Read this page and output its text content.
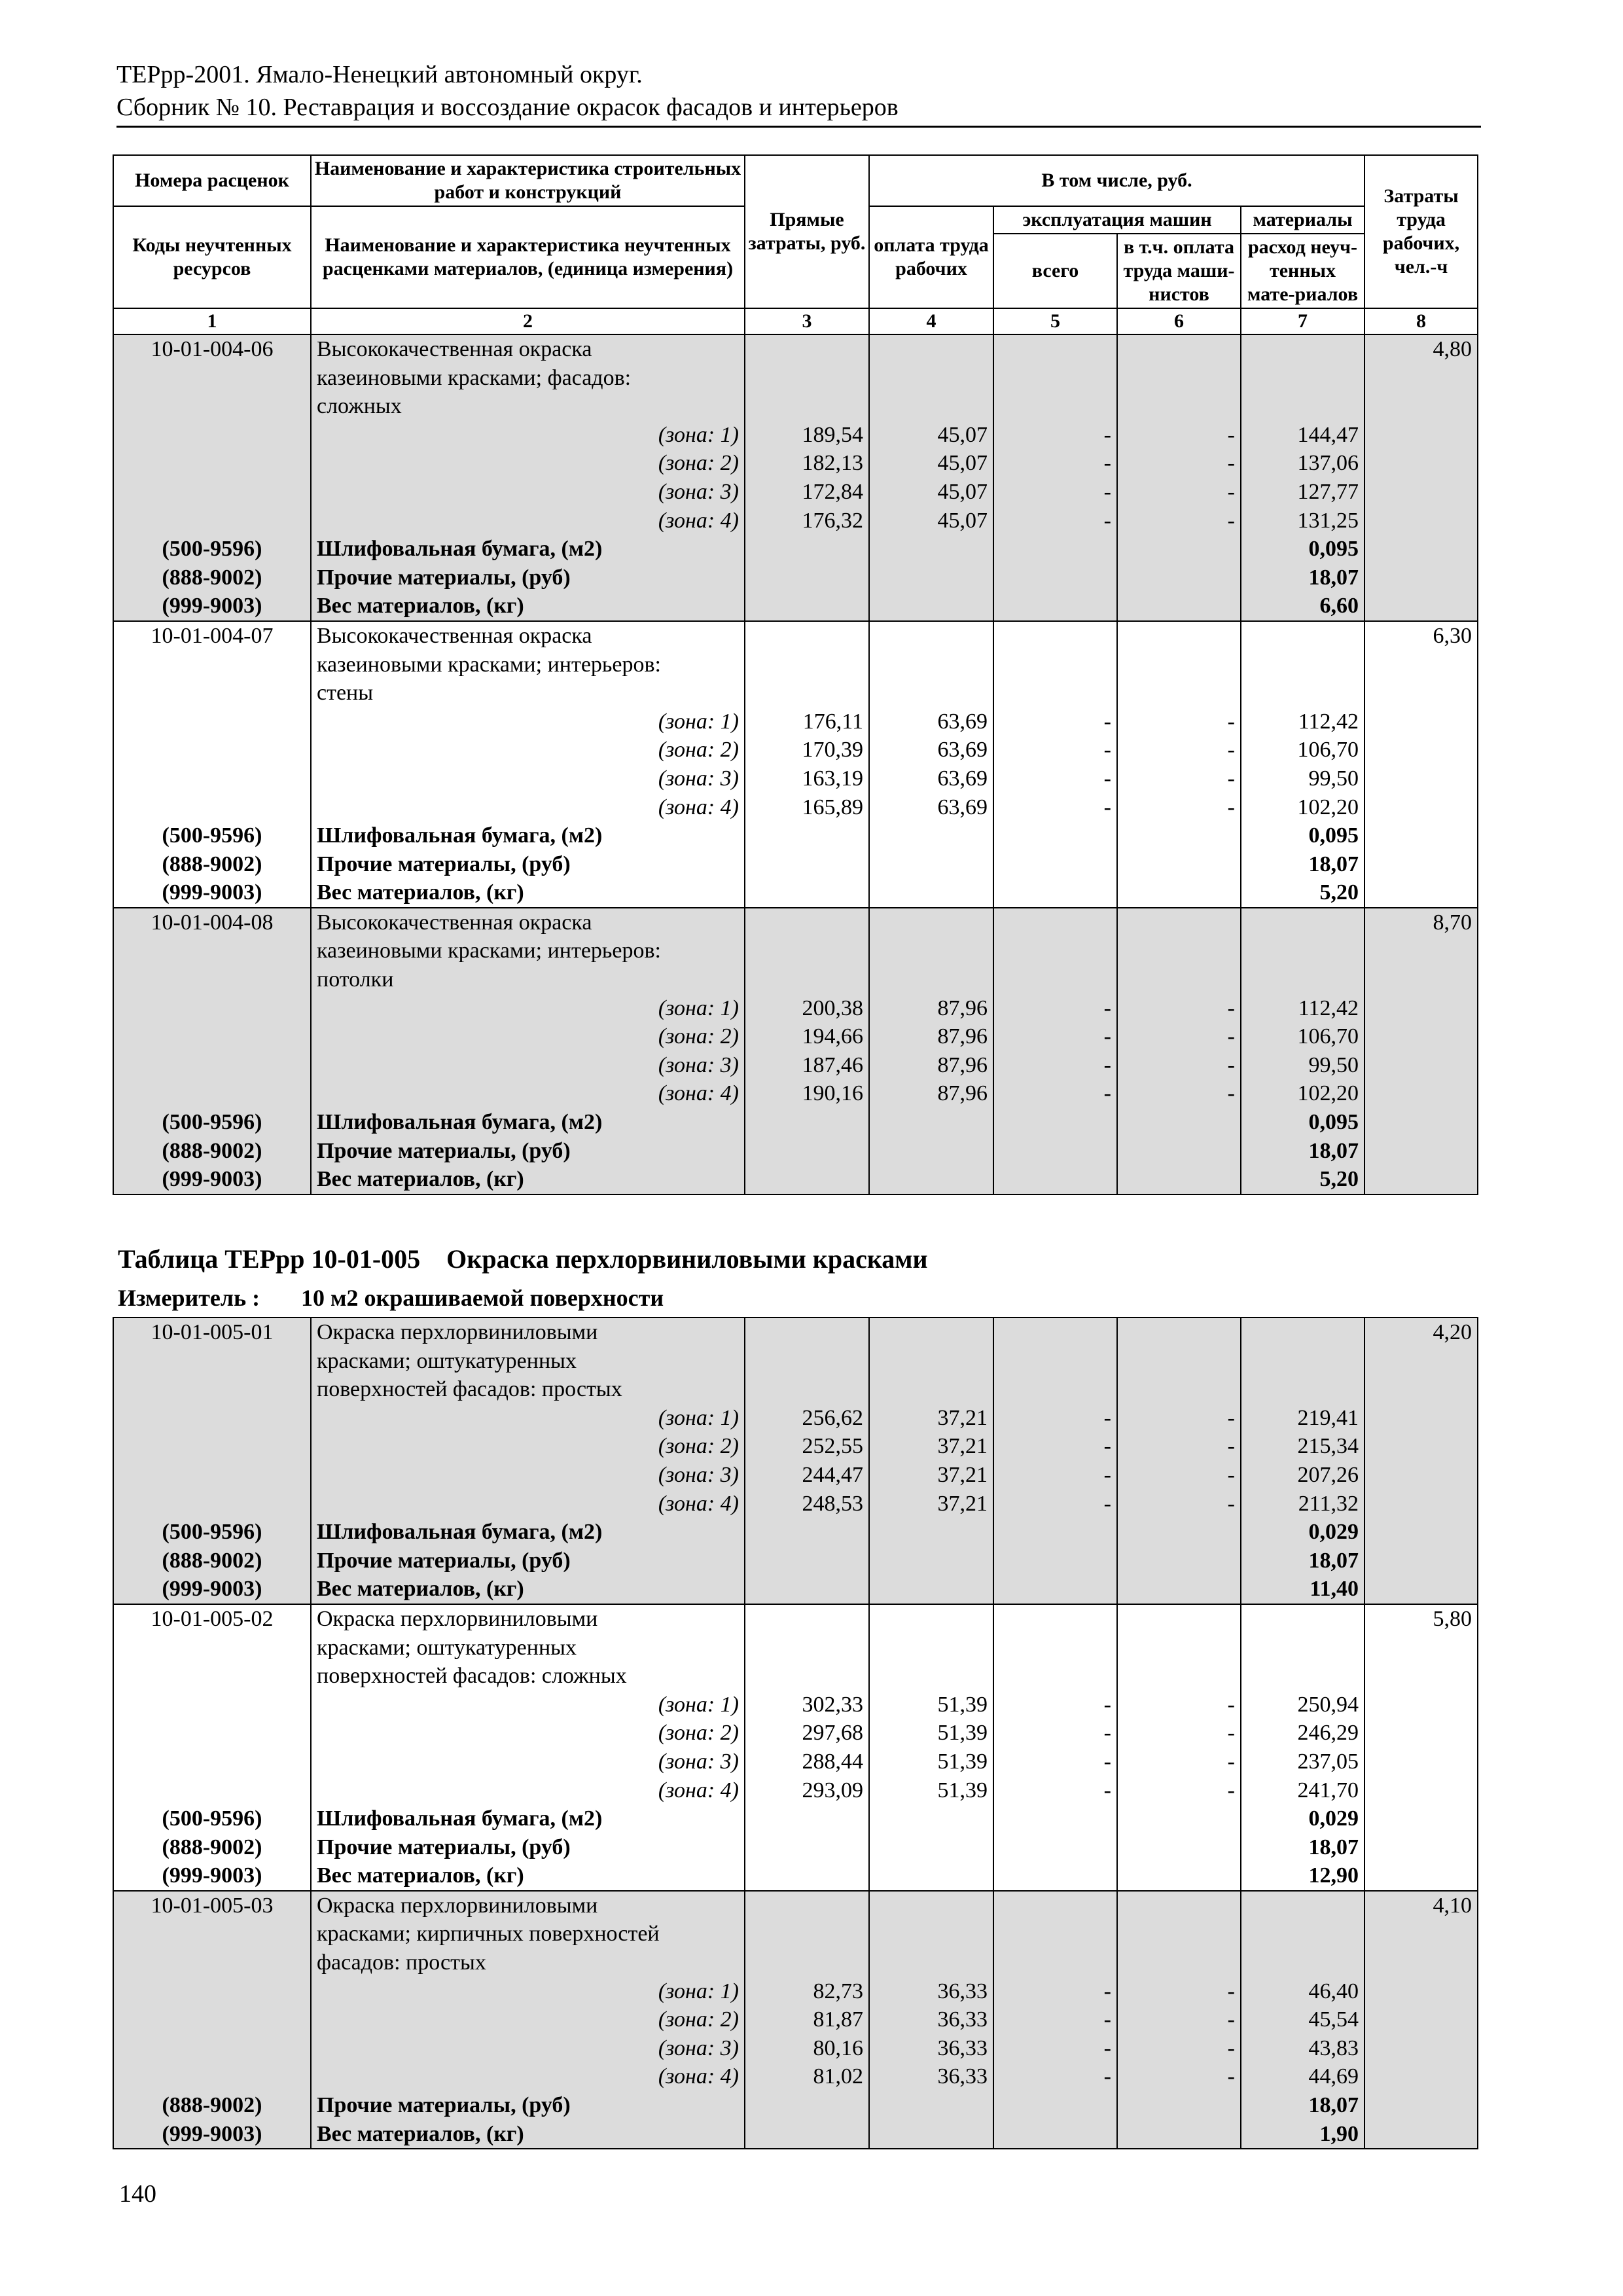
ТЕРрр-2001. Ямало-Ненецкий автономный округ.
Сборник № 10. Реставрация и воссоздание окрасок фасадов и интерьеров
Номера расценок	Наименование и характеристика строительных работ и конструкций	Прямые затраты, руб.	В том числе, руб.				Затраты труда рабочих, чел.-ч
Коды неучтенных ресурсов	Наименование и характеристика неучтенных расценками материалов, (единица измерения)		оплата труда рабочих	эксплуатация машин		материалы	
				всего	в т.ч. оплата труда маши-нистов	расход неуч-тенных мате-риалов	
1	2	3	4	5	6	7	8
10-01-004-06	Высококачественная окраска						4,80
	казеиновыми красками; фасадов:						
	сложных						
	(зона: 1)	189,54	45,07	-	-	144,47	
	(зона: 2)	182,13	45,07	-	-	137,06	
	(зона: 3)	172,84	45,07	-	-	127,77	
	(зона: 4)	176,32	45,07	-	-	131,25	
(500-9596)	Шлифовальная бумага, (м2)					0,095	
(888-9002)	Прочие материалы, (руб)					18,07	
(999-9003)	Вес материалов, (кг)					6,60	
10-01-004-07	Высококачественная окраска						6,30
	казеиновыми красками; интерьеров:						
	стены						
	(зона: 1)	176,11	63,69	-	-	112,42	
	(зона: 2)	170,39	63,69	-	-	106,70	
	(зона: 3)	163,19	63,69	-	-	99,50	
	(зона: 4)	165,89	63,69	-	-	102,20	
(500-9596)	Шлифовальная бумага, (м2)					0,095	
(888-9002)	Прочие материалы, (руб)					18,07	
(999-9003)	Вес материалов, (кг)					5,20	
10-01-004-08	Высококачественная окраска						8,70
	казеиновыми красками; интерьеров:						
	потолки						
	(зона: 1)	200,38	87,96	-	-	112,42	
	(зона: 2)	194,66	87,96	-	-	106,70	
	(зона: 3)	187,46	87,96	-	-	99,50	
	(зона: 4)	190,16	87,96	-	-	102,20	
(500-9596)	Шлифовальная бумага, (м2)					0,095	
(888-9002)	Прочие материалы, (руб)					18,07	
(999-9003)	Вес материалов, (кг)					5,20	
Таблица ТЕРрр 10-01-005 Окраска перхлорвиниловыми красками
Измеритель : 10 м2 окрашиваемой поверхности
10-01-005-01	Окраска перхлорвиниловыми						4,20
	красками; оштукатуренных						
	поверхностей фасадов: простых						
	(зона: 1)	256,62	37,21	-	-	219,41	
	(зона: 2)	252,55	37,21	-	-	215,34	
	(зона: 3)	244,47	37,21	-	-	207,26	
	(зона: 4)	248,53	37,21	-	-	211,32	
(500-9596)	Шлифовальная бумага, (м2)					0,029	
(888-9002)	Прочие материалы, (руб)					18,07	
(999-9003)	Вес материалов, (кг)					11,40	
10-01-005-02	Окраска перхлорвиниловыми						5,80
	красками; оштукатуренных						
	поверхностей фасадов: сложных						
	(зона: 1)	302,33	51,39	-	-	250,94	
	(зона: 2)	297,68	51,39	-	-	246,29	
	(зона: 3)	288,44	51,39	-	-	237,05	
	(зона: 4)	293,09	51,39	-	-	241,70	
(500-9596)	Шлифовальная бумага, (м2)					0,029	
(888-9002)	Прочие материалы, (руб)					18,07	
(999-9003)	Вес материалов, (кг)					12,90	
10-01-005-03	Окраска перхлорвиниловыми						4,10
	красками; кирпичных поверхностей						
	фасадов: простых						
	(зона: 1)	82,73	36,33	-	-	46,40	
	(зона: 2)	81,87	36,33	-	-	45,54	
	(зона: 3)	80,16	36,33	-	-	43,83	
	(зона: 4)	81,02	36,33	-	-	44,69	
(888-9002)	Прочие материалы, (руб)					18,07	
(999-9003)	Вес материалов, (кг)					1,90	
140
